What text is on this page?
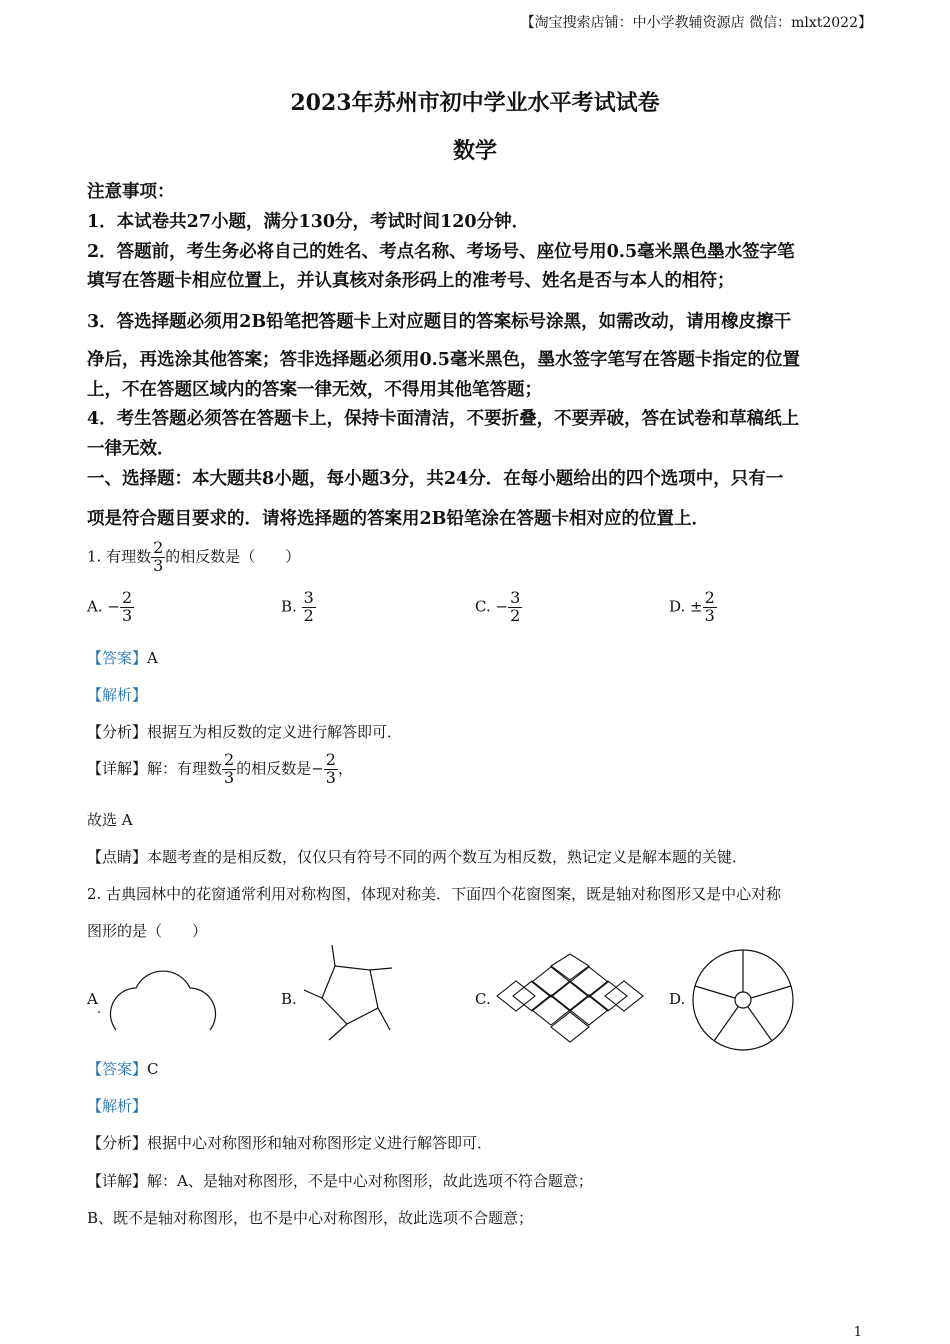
【淘宝搜索店铺：中小学教辅资源店 微信：mlxt2022】
2023年苏州市初中学业水平考试试卷
数学
注意事项：
1．本试卷共27小题，满分130分，考试时间120分钟．
2．答题前，考生务必将自己的姓名、考点名称、考场号、座位号用0.5毫米黑色墨水签字笔
填写在答题卡相应位置上，并认真核对条形码上的准考号、姓名是否与本人的相符；
3．答选择题必须用2B铅笔把答题卡上对应题目的答案标号涂黑，如需改动，请用橡皮擦干
净后，再选涂其他答案；答非选择题必须用0.5毫米黑色，墨水签字笔写在答题卡指定的位置
上，不在答题区域内的答案一律无效，不得用其他笔答题；
4．考生答题必须答在答题卡上，保持卡面清洁，不要折叠，不要弄破，答在试卷和草稿纸上
一律无效．
一、选择题：本大题共8小题，每小题3分，共24分．在每小题给出的四个选项中，只有一
项是符合题目要求的．请将选择题的答案用2B铅笔涂在答题卡相对应的位置上．
1. 有理数 $\frac{2}{3}$ 的相反数是（　　）
A. − $\frac{2}{3}$	B. $\frac{3}{2}$	C. − $\frac{3}{2}$	D. ± $\frac{2}{3}$
【答案】A
【解析】
【分析】根据互为相反数的定义进行解答即可．
【详解】解：有理数 $\frac{2}{3}$ 的相反数是− $\frac{2}{3}$ ，
故选 A
【点睛】本题考查的是相反数，仅仅只有符号不同的两个数互为相反数，熟记定义是解本题的关键．
2. 古典园林中的花窗通常利用对称构图，体现对称美．下面四个花窗图案，既是轴对称图形又是中心对称
图形的是（　　）
A
.
B.	C.	D.
【答案】C
【解析】
【分析】根据中心对称图形和轴对称图形定义进行解答即可．
【详解】解：A、是轴对称图形，不是中心对称图形，故此选项不符合题意；
B、既不是轴对称图形，也不是中心对称图形，故此选项不合题意；
1
